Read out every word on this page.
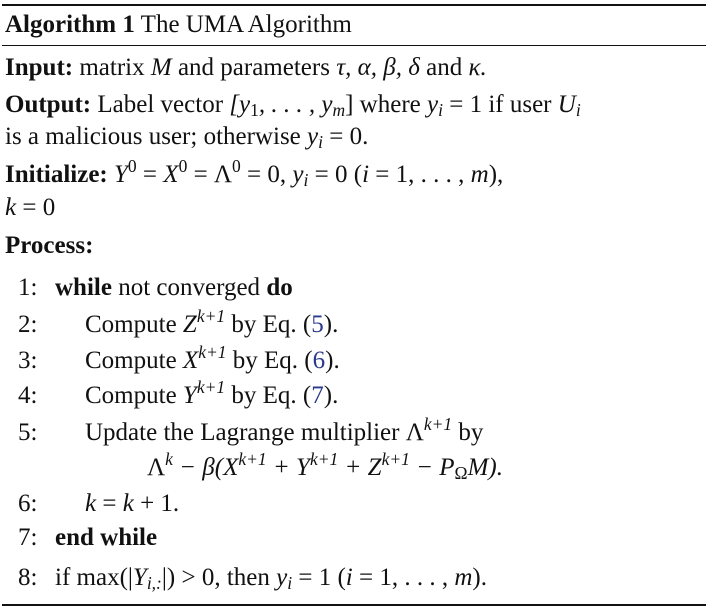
Algorithm 1 The UMA Algorithm
Input: matrix M and parameters τ, α, β, δ and κ.
Output: Label vector [$y_1$, . . . , $y_m$] where $y_i = 1$ if user $U_i$
is a malicious user; otherwise $y_i = 0$.
Initialize: $Y^0 = X^0 = \Lambda^0 = 0$, $y_i = 0$ (i = 1, . . . , m),
k = 0
Process:
1: while not converged do
2:	Compute $Z^{k+1}$ by Eq. (5).
3:	Compute $X^{k+1}$ by Eq. (6).
4:	Compute $Y^{k+1}$ by Eq. (7).
5:	Update the Lagrange multiplier $\Lambda^{k+1}$ by
$\Lambda^k - \beta(X^{k+1} + Y^{k+1} + Z^{k+1} - P_\Omega M)$.
6:	k = k + 1.
7: end while
8: if $\max(|Y_{i,:}|) > 0$, then $y_i = 1$ (i = 1, . . . , m).
